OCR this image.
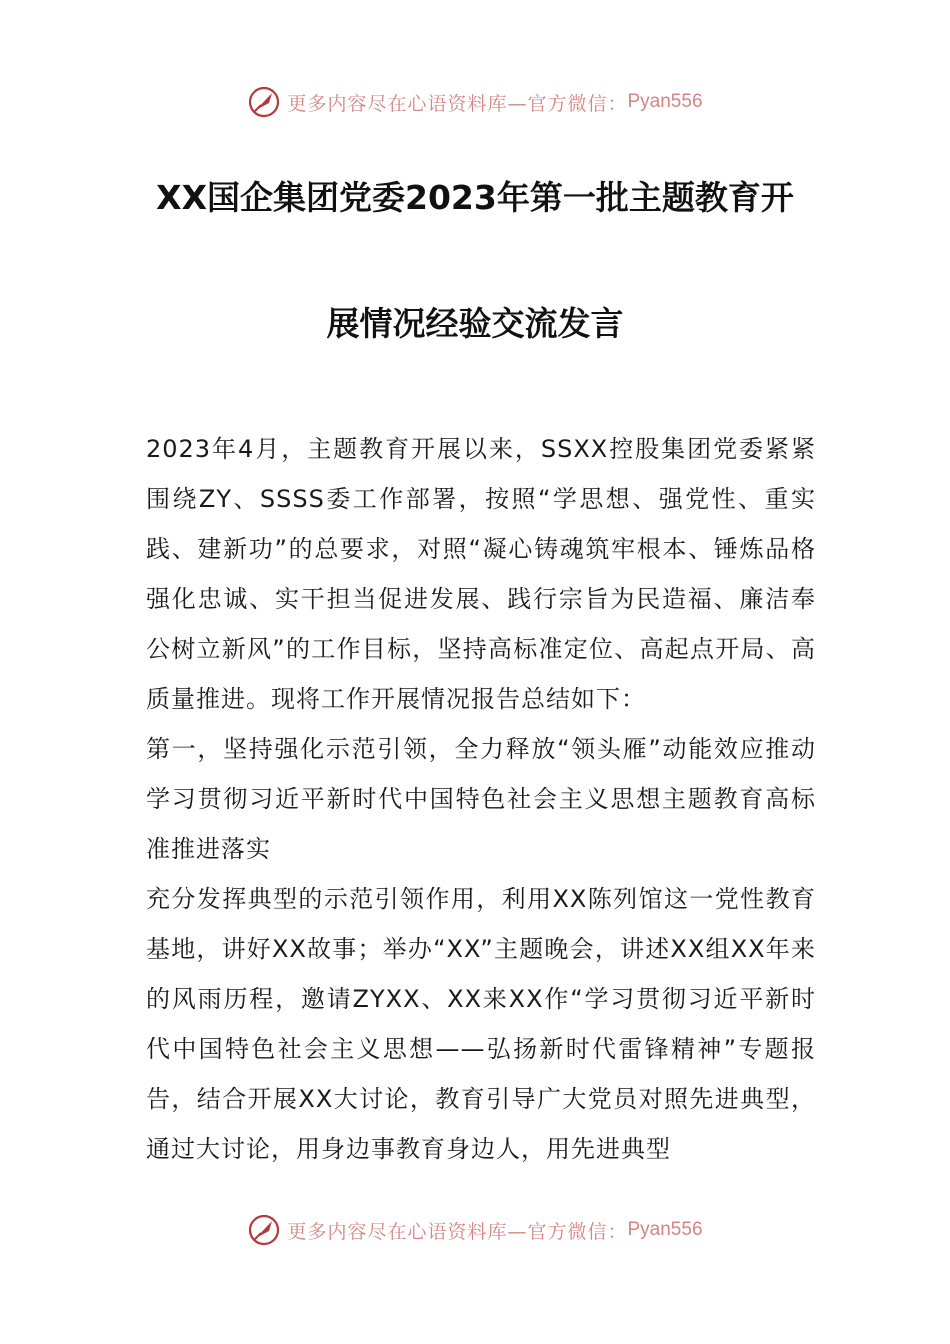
更多内容尽在心语资料库—官方微信： Pyan556
XX国企集团党委2023年第一批主题教育开
展情况经验交流发言

2023年4月，主题教育开展以来，SSXX控股集团党委紧紧围绕ZY、SSSS委工作部署，按照“学思想、强党性、重实践、建新功”的总要求，对照“凝心铸魂筑牢根本、锤炼品格强化忠诚、实干担当促进发展、践行宗旨为民造福、廉洁奉公树立新风”的工作目标，坚持高标准定位、高起点开局、高质量推进。现将工作开展情况报告总结如下：

第一，坚持强化示范引领，全力释放“领头雁”动能效应推动学习贯彻习近平新时代中国特色社会主义思想主题教育高标准推进落实

充分发挥典型的示范引领作用，利用XX陈列馆这一党性教育基地，讲好XX故事；举办“XX”主题晚会，讲述XX组XX年来的风雨历程，邀请ZYXX、XX来XX作“学习贯彻习近平新时代中国特色社会主义思想——弘扬新时代雷锋精神”专题报告，结合开展XX大讨论，教育引导广大党员对照先进典型，通过大讨论，用身边事教育身边人，用先进典型

更多内容尽在心语资料库—官方微信： Pyan556
